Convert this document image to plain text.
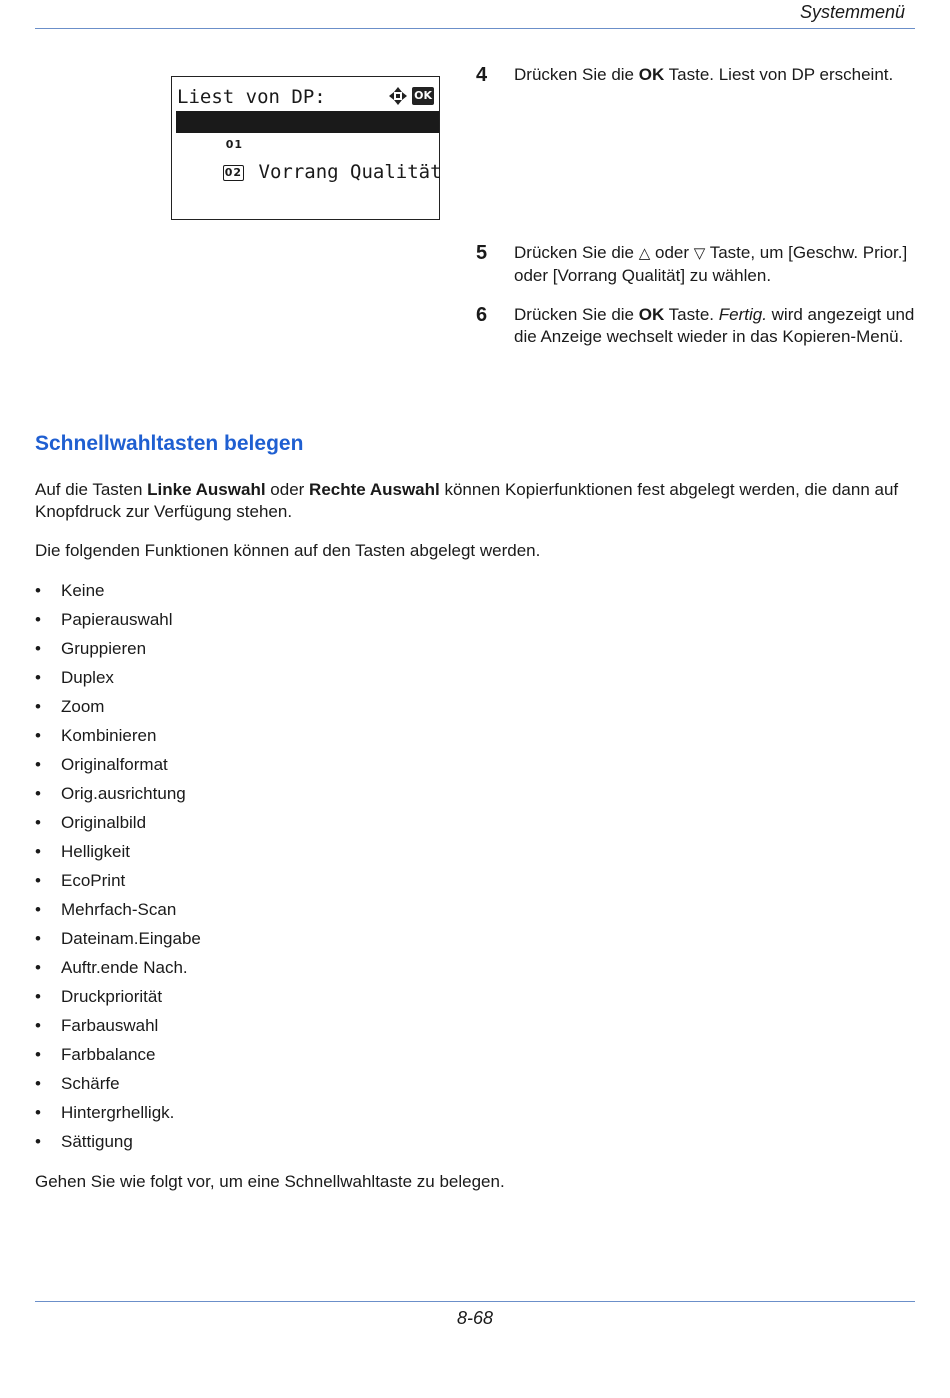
Systemmenü
Liest von DP:	OK

01 *Geschw. Prior.

02 Vorrang Qualität

4 Drücken Sie die OK Taste. Liest von DP erscheint.
5 Drücken Sie die △ oder ▽ Taste, um [Geschw. Prior.] oder [Vorrang Qualität] zu wählen.
6 Drücken Sie die OK Taste. Fertig. wird angezeigt und die Anzeige wechselt wieder in das Kopieren-Menü.
Schnellwahltasten belegen

Auf die Tasten Linke Auswahl oder Rechte Auswahl können Kopierfunktionen fest abgelegt werden, die dann auf Knopfdruck zur Verfügung stehen.

Die folgenden Funktionen können auf den Tasten abgelegt werden.

• Keine
• Papierauswahl
• Gruppieren
• Duplex
• Zoom
• Kombinieren
• Originalformat
• Orig.ausrichtung
• Originalbild
• Helligkeit
• EcoPrint
• Mehrfach-Scan
• Dateinam.Eingabe
• Auftr.ende Nach.
• Druckpriorität
• Farbauswahl
• Farbbalance
• Schärfe
• Hintergrhelligk.
• Sättigung

Gehen Sie wie folgt vor, um eine Schnellwahltaste zu belegen.

8-68
